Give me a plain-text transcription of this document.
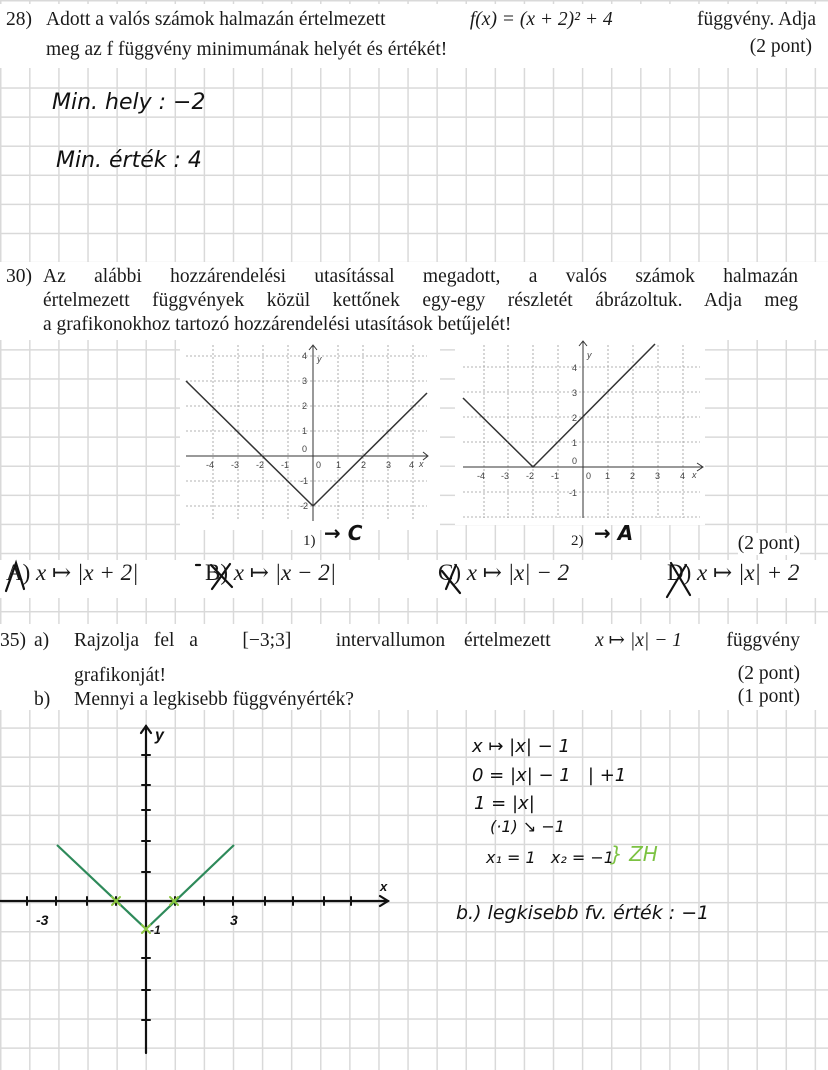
28) Adott a valós számok halmazán értelmezett	f(x) = (x + 2)² + 4	függvény. Adja
meg az f függvény minimumának helyét és értékét!	(2 pont)
Min. hely : −2
Min. érték : 4
30) Az alábbi hozzárendelési utasítással megadott, a valós számok halmazán
értelmezett függvények közül kettőnek egy-egy részletét ábrázoltuk. Adja meg
a grafikonokhoz tartozó hozzárendelési utasítások betűjelét!
-4 -3 -2 -1	0 1 2 3 4
4
3
2
1
0
-1
-2
y
x
1) → C
-4 -3 -2 -1	0 1 2 3 4
4
3
2
1
0
-1
y
x
2) → A	(2 pont)
A) x ↦ |x + 2|	B) x ↦ |x − 2|	C) x ↦ |x| − 2	D) x ↦ |x| + 2
35) a) Rajzolja fel a [−3;3] intervallumon értelmezett x ↦ |x| − 1 függvény
grafikonját!	(2 pont)
b) Mennyi a legkisebb függvényérték?	(1 pont)
y
x
-3	3
-1
x ↦ |x| − 1
0 = |x| − 1   | +1
1 = |x|
(·1) ↘ −1
x₁ = 1   x₂ = −1
} ZH
b.) legkisebb fv. érték : −1
